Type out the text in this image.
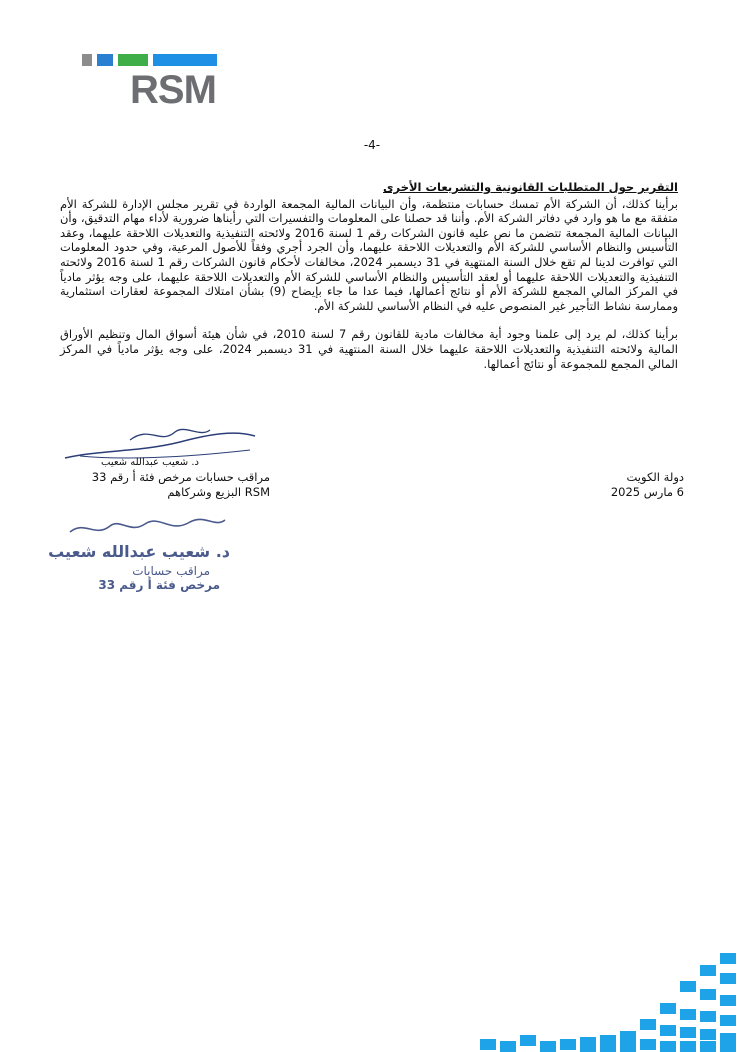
RSM
-4-
التقرير حول المتطلبات القانونية والتشريعات الأخرى

برأينا كذلك، أن الشركة الأم تمسك حسابات منتظمة، وأن البيانات المالية المجمعة الواردة في تقرير مجلس الإدارة للشركة الأم متفقة مع ما هو وارد في دفاتر الشركة الأم. وأننا قد حصلنا على المعلومات والتفسيرات التي رأيناها ضرورية لأداء مهام التدقيق، وأن البيانات المالية المجمعة تتضمن ما نص عليه قانون الشركات رقم 1 لسنة 2016 ولائحته التنفيذية والتعديلات اللاحقة عليهما، وعقد التأسيس والنظام الأساسي للشركة الأم والتعديلات اللاحقة عليهما، وأن الجرد أجري وفقاً للأصول المرعية، وفي حدود المعلومات التي توافرت لدينا لم تقع خلال السنة المنتهية في 31 ديسمبر 2024، مخالفات لأحكام قانون الشركات رقم 1 لسنة 2016 ولائحته التنفيذية والتعديلات اللاحقة عليهما أو لعقد التأسيس والنظام الأساسي للشركة الأم والتعديلات اللاحقة عليهما، على وجه يؤثر مادياً في المركز المالي المجمع للشركة الأم أو نتائج أعمالها، فيما عدا ما جاء بإيضاح (9) بشأن امتلاك المجموعة لعقارات استثمارية وممارسة نشاط التأجير غير المنصوص عليه في النظام الأساسي للشركة الأم.

برأينا كذلك، لم يرد إلى علمنا وجود أية مخالفات مادية للقانون رقم 7 لسنة 2010، في شأن هيئة أسواق المال وتنظيم الأوراق المالية ولائحته التنفيذية والتعديلات اللاحقة عليهما خلال السنة المنتهية في 31 ديسمبر 2024، على وجه يؤثر مادياً في المركز المالي المجمع للمجموعة أو نتائج أعمالها.

د. شعيب عبدالله شعيب
مراقب حسابات مرخص فئة أ رقم 33
RSM البزيع وشركاهم
دولة الكويت
6 مارس 2025
د. شعيب عبدالله شعيب
مراقب حسابات
مرخص فئة أ رقم 33
